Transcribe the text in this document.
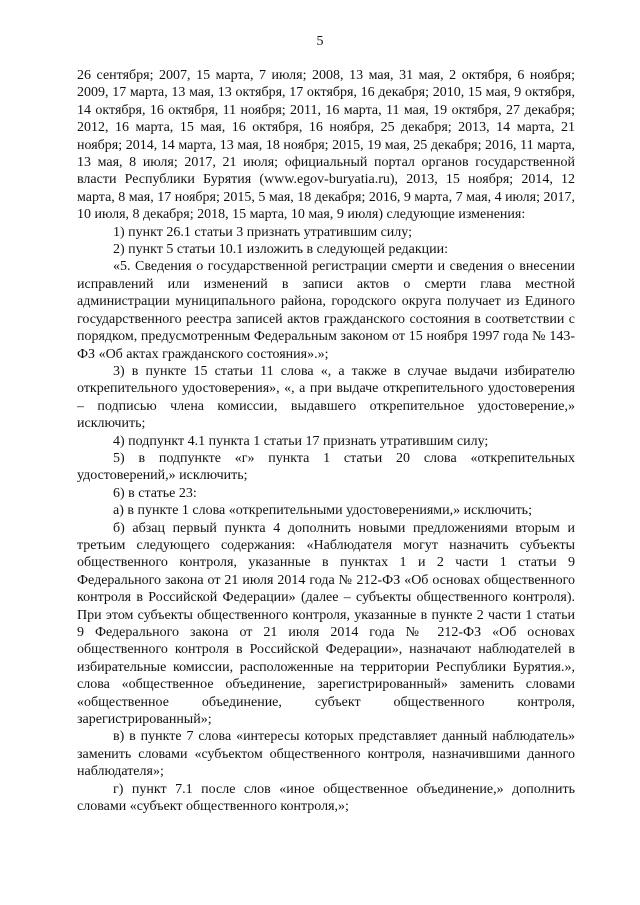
5

26 сентября; 2007, 15 марта, 7 июля; 2008, 13 мая, 31 мая, 2 октября, 6 ноября; 2009, 17 марта, 13 мая, 13 октября, 17 октября, 16 декабря; 2010, 15 мая, 9 октября, 14 октября, 16 октября, 11 ноября; 2011, 16 марта, 11 мая, 19 октября, 27 декабря; 2012, 16 марта, 15 мая, 16 октября, 16 ноября, 25 декабря; 2013, 14 марта, 21 ноября; 2014, 14 марта, 13 мая, 18 ноября; 2015, 19 мая, 25 декабря; 2016, 11 марта, 13 мая, 8 июля; 2017, 21 июля; официальный портал органов государственной власти Республики Бурятия (www.egov-buryatia.ru), 2013, 15 ноября; 2014, 12 марта, 8 мая, 17 ноября; 2015, 5 мая, 18 декабря; 2016, 9 марта, 7 мая, 4 июля; 2017, 10 июля, 8 декабря; 2018, 15 марта, 10 мая, 9 июля) следующие изменения:

1) пункт 26.1 статьи 3 признать утратившим силу;

2) пункт 5 статьи 10.1 изложить в следующей редакции:

«5. Сведения о государственной регистрации смерти и сведения о внесении исправлений или изменений в записи актов о смерти глава местной администрации муниципального района, городского округа получает из Единого государственного реестра записей актов гражданского состояния в соответствии с порядком, предусмотренным Федеральным законом от 15 ноября 1997 года № 143-ФЗ «Об актах гражданского состояния».»;

3) в пункте 15 статьи 11 слова «, а также в случае выдачи избирателю открепительного удостоверения», «, а при выдаче открепительного удостоверения – подписью члена комиссии, выдавшего открепительное удостоверение,» исключить;

4) подпункт 4.1 пункта 1 статьи 17 признать утратившим силу;

5) в подпункте «г» пункта 1 статьи 20 слова «открепительных удостоверений,» исключить;

6) в статье 23:

а) в пункте 1 слова «открепительными удостоверениями,» исключить;

б) абзац первый пункта 4 дополнить новыми предложениями вторым и третьим следующего содержания: «Наблюдателя могут назначить субъекты общественного контроля, указанные в пунктах 1 и 2 части 1 статьи 9 Федерального закона от 21 июля 2014 года № 212-ФЗ «Об основах общественного контроля в Российской Федерации» (далее – субъекты общественного контроля). При этом субъекты общественного контроля, указанные в пункте 2 части 1 статьи 9 Федерального закона от 21 июля 2014 года № 212-ФЗ «Об основах общественного контроля в Российской Федерации», назначают наблюдателей в избирательные комиссии, расположенные на территории Республики Бурятия.», слова «общественное объединение, зарегистрированный» заменить словами «общественное объединение, субъект общественного контроля, зарегистрированный»;

в) в пункте 7 слова «интересы которых представляет данный наблюдатель» заменить словами «субъектом общественного контроля, назначившими данного наблюдателя»;

г) пункт 7.1 после слов «иное общественное объединение,» дополнить словами «субъект общественного контроля,»;
